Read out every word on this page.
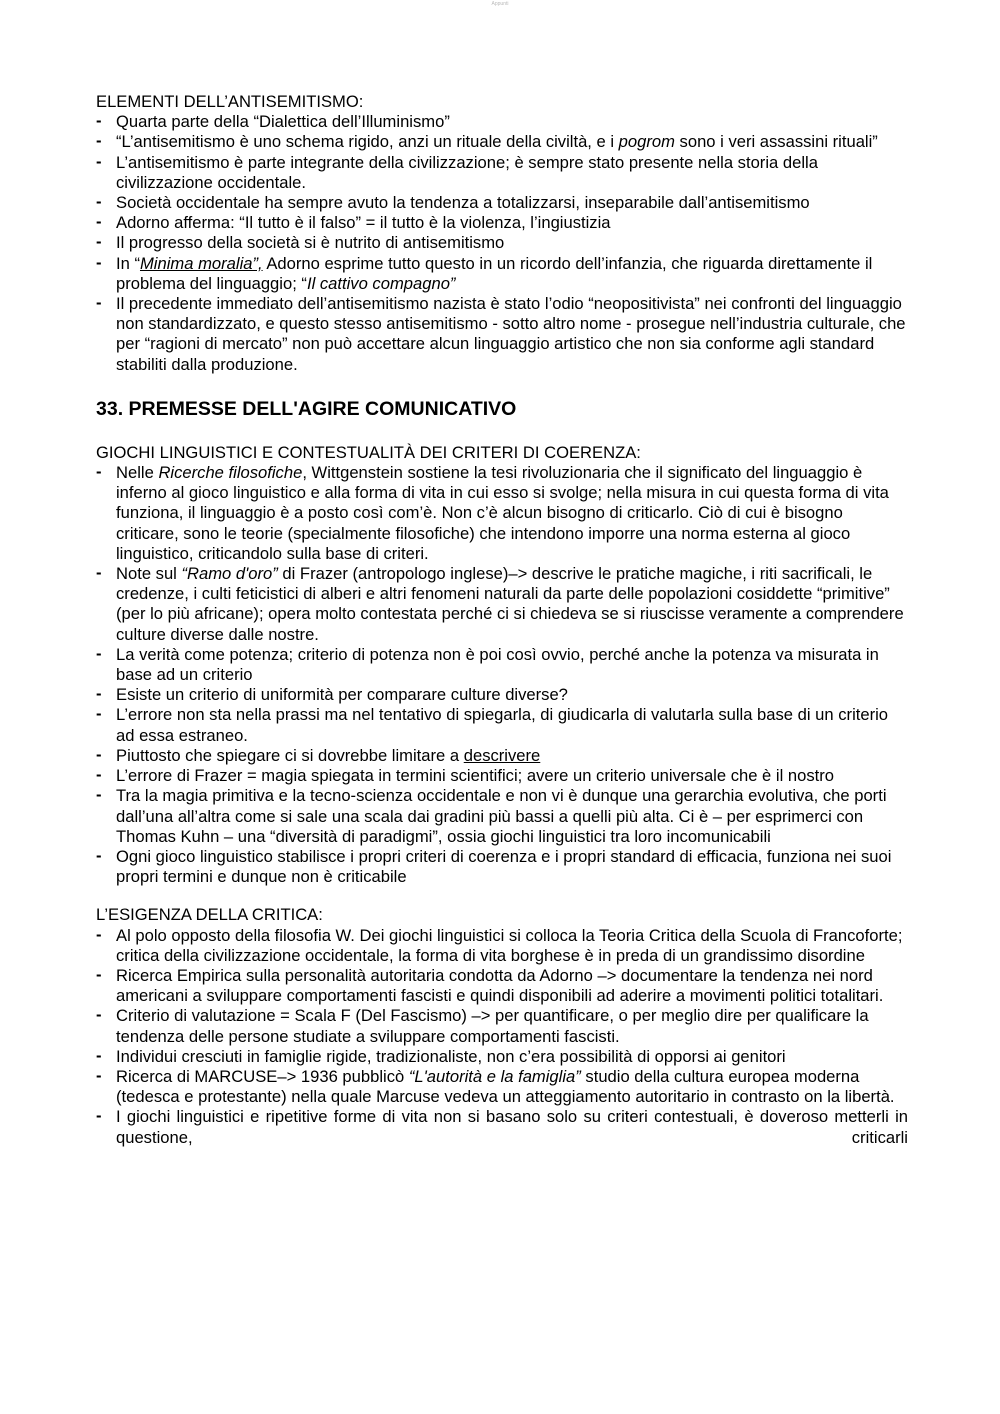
Appunti

ELEMENTI DELL’ANTISEMITISMO:

- Quarta parte della “Dialettica dell’Illuminismo”
- “L’antisemitismo è uno schema rigido, anzi un rituale della civiltà, e i pogrom sono i veri assassini rituali”
- L’antisemitismo è parte integrante della civilizzazione; è sempre stato presente nella storia della civilizzazione occidentale.
- Società occidentale ha sempre avuto la tendenza a totalizzarsi, inseparabile dall’antisemitismo
- Adorno afferma: “Il tutto è il falso” = il tutto è la violenza, l’ingiustizia
- Il progresso della società si è nutrito di antisemitismo
- In “Minima moralia”, Adorno esprime tutto questo in un ricordo dell’infanzia, che riguarda direttamente il problema del linguaggio; “Il cattivo compagno”
- Il precedente immediato dell’antisemitismo nazista è stato l’odio “neopositivista” nei confronti del linguaggio non standardizzato, e questo stesso antisemitismo - sotto altro nome - prosegue nell’industria culturale, che per “ragioni di mercato” non può accettare alcun linguaggio artistico che non sia conforme agli standard stabiliti dalla produzione.
33. PREMESSE DELL'AGIRE COMUNICATIVO

GIOCHI LINGUISTICI E CONTESTUALITÀ DEI CRITERI DI COERENZA:

- Nelle Ricerche filosofiche, Wittgenstein sostiene la tesi rivoluzionaria che il significato del linguaggio è inferno al gioco linguistico e alla forma di vita in cui esso si svolge; nella misura in cui questa forma di vita funziona, il linguaggio è a posto così com’è. Non c’è alcun bisogno di criticarlo. Ciò di cui è bisogno criticare, sono le teorie (specialmente filosofiche) che intendono imporre una norma esterna al gioco linguistico, criticandolo sulla base di criteri.
- Note sul “Ramo d'oro” di Frazer (antropologo inglese)–> descrive le pratiche magiche, i riti sacrificali, le credenze, i culti feticistici di alberi e altri fenomeni naturali da parte delle popolazioni cosiddette “primitive” (per lo più africane); opera molto contestata perché ci si chiedeva se si riuscisse veramente a comprendere culture diverse dalle nostre.
- La verità come potenza; criterio di potenza non è poi così ovvio, perché anche la potenza va misurata in base ad un criterio
- Esiste un criterio di uniformità per comparare culture diverse?
- L’errore non sta nella prassi ma nel tentativo di spiegarla, di giudicarla di valutarla sulla base di un criterio ad essa estraneo.
- Piuttosto che spiegare ci si dovrebbe limitare a descrivere
- L’errore di Frazer = magia spiegata in termini scientifici; avere un criterio universale che è il nostro
- Tra la magia primitiva e la tecno-scienza occidentale e non vi è dunque una gerarchia evolutiva, che porti dall’una all’altra come si sale una scala dai gradini più bassi a quelli più alta. Ci è – per esprimerci con Thomas Kuhn – una “diversità di paradigmi”, ossia giochi linguistici tra loro incomunicabili
- Ogni gioco linguistico stabilisce i propri criteri di coerenza e i propri standard di efficacia, funziona nei suoi propri termini e dunque non è criticabile

L’ESIGENZA DELLA CRITICA:

- Al polo opposto della filosofia W. Dei giochi linguistici si colloca la Teoria Critica della Scuola di Francoforte; critica della civilizzazione occidentale, la forma di vita borghese è in preda di un grandissimo disordine
- Ricerca Empirica sulla personalità autoritaria condotta da Adorno –> documentare la tendenza nei nord americani a sviluppare comportamenti fascisti e quindi disponibili ad aderire a movimenti politici totalitari.
- Criterio di valutazione = Scala F (Del Fascismo) –> per quantificare, o per meglio dire per qualificare la tendenza delle persone studiate a sviluppare comportamenti fascisti.
- Individui cresciuti in famiglie rigide, tradizionaliste, non c’era possibilità di opporsi ai genitori
- Ricerca di MARCUSE–> 1936 pubblicò “L'autorità e la famiglia” studio della cultura europea moderna (tedesca e protestante) nella quale Marcuse vedeva un atteggiamento autoritario in contrasto on la libertà.
- I giochi linguistici e ripetitive forme di vita non si basano solo su criteri contestuali, è doveroso metterli in questione, criticarli
